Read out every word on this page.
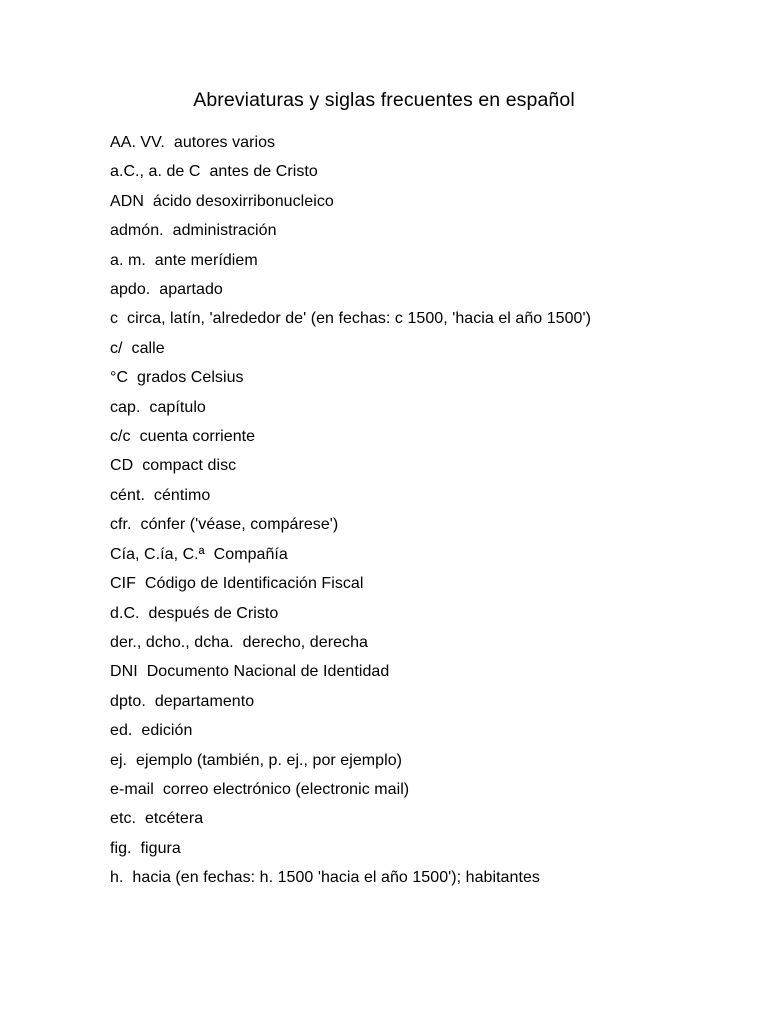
Abreviaturas y siglas frecuentes en español
AA. VV.  autores varios
a.C., a. de C  antes de Cristo
ADN  ácido desoxirribonucleico
admón.  administración
a. m.  ante merídiem
apdo.  apartado
c  circa, latín, 'alrededor de' (en fechas: c 1500, 'hacia el año 1500')
c/  calle
°C  grados Celsius
cap.  capítulo
c/c  cuenta corriente
CD  compact disc
cént.  céntimo
cfr.  cónfer ('véase, compárese')
Cía, C.ía, C.ª  Compañía
CIF  Código de Identificación Fiscal
d.C.  después de Cristo
der., dcho., dcha.  derecho, derecha
DNI  Documento Nacional de Identidad
dpto.  departamento
ed.  edición
ej.  ejemplo (también, p. ej., por ejemplo)
e-mail  correo electrónico (electronic mail)
etc.  etcétera
fig.  figura
h.  hacia (en fechas: h. 1500 'hacia el año 1500'); habitantes
